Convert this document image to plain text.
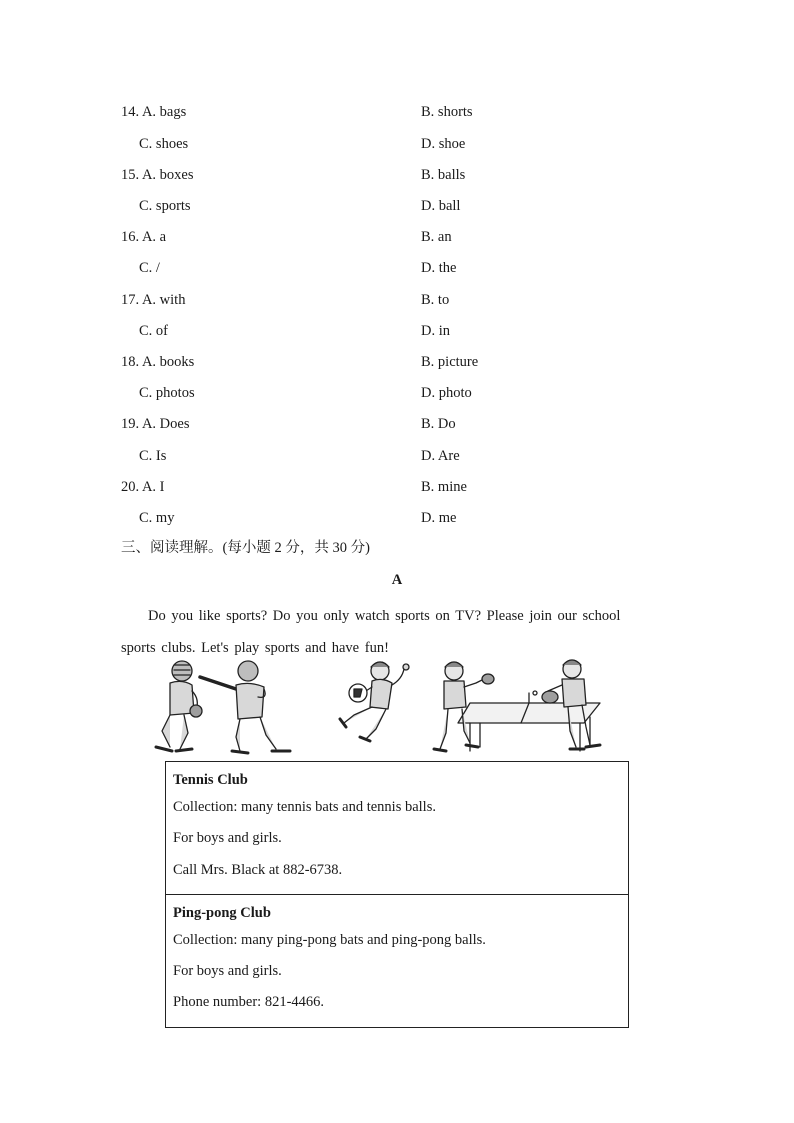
14. A. bags	B. shorts
C. shoes	D. shoe
15. A. boxes	B. balls
C. sports	D. ball
16. A. a	B. an
C. /	D. the
17. A. with	B. to
C. of	D. in
18. A. books	B. picture
C. photos	D. photo
19. A. Does	B. Do
C. Is	D. Are
20. A. I	B. mine
C. my	D. me
三、阅读理解。(每小题 2 分，共 30 分)
A

Do you like sports? Do you only watch sports on TV? Please join our school

sports clubs. Let's play sports and have fun!

Tennis Club
Collection: many tennis bats and tennis balls.
For boys and girls.
Call Mrs. Black at 882-6738.
Ping-pong Club
Collection: many ping-pong bats and ping-pong balls.
For boys and girls.
Phone number: 821-4466.
